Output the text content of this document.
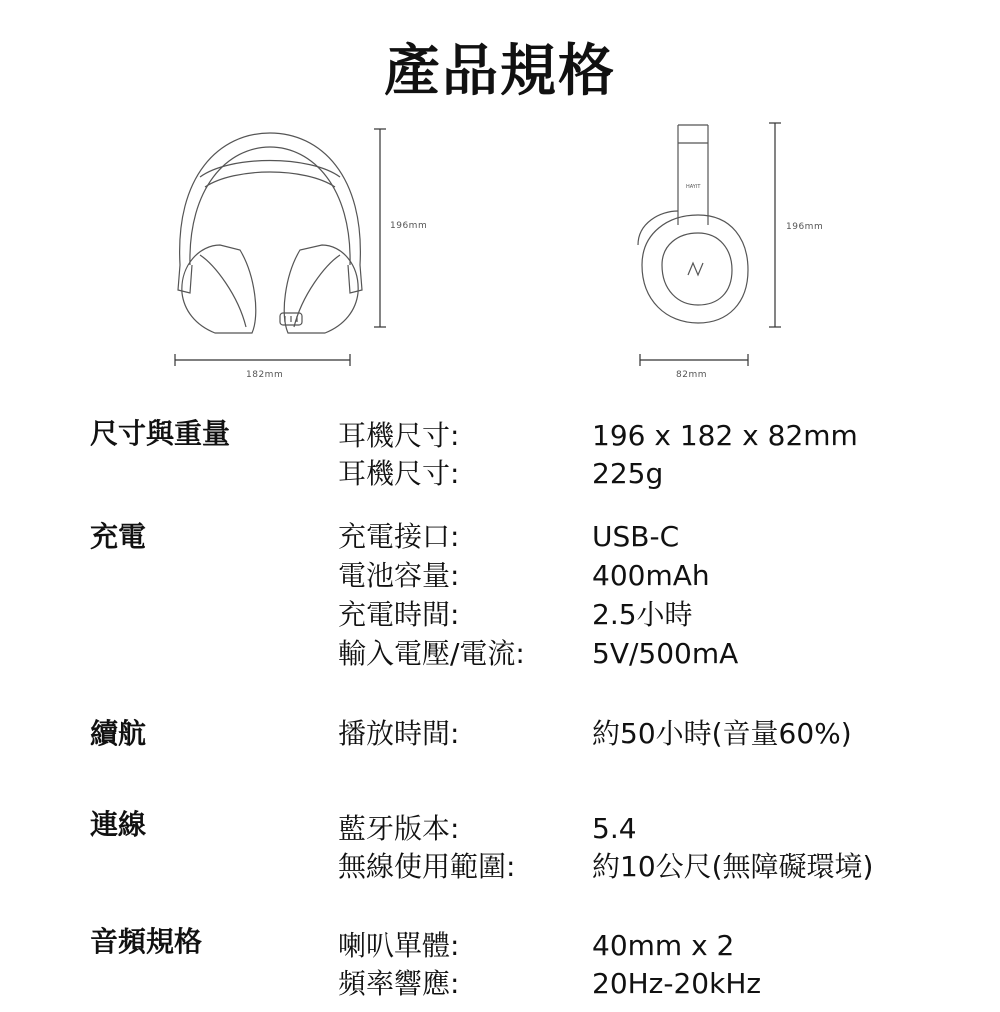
產品規格
196mm
182mm
HAYIT
196mm
82mm
尺寸與重量	耳機尺寸:	196 x 182 x 82mm
耳機尺寸:	225g
充電	充電接口:	USB-C
電池容量:	400mAh
充電時間:	2.5小時
輸入電壓/電流: 5V/500mA
續航	播放時間:	約50小時(音量60%)
連線	藍牙版本:	5.4
無線使用範圍:	約10公尺(無障礙環境)
音頻規格	喇叭單體:	40mm x 2
頻率響應:	20Hz-20kHz
